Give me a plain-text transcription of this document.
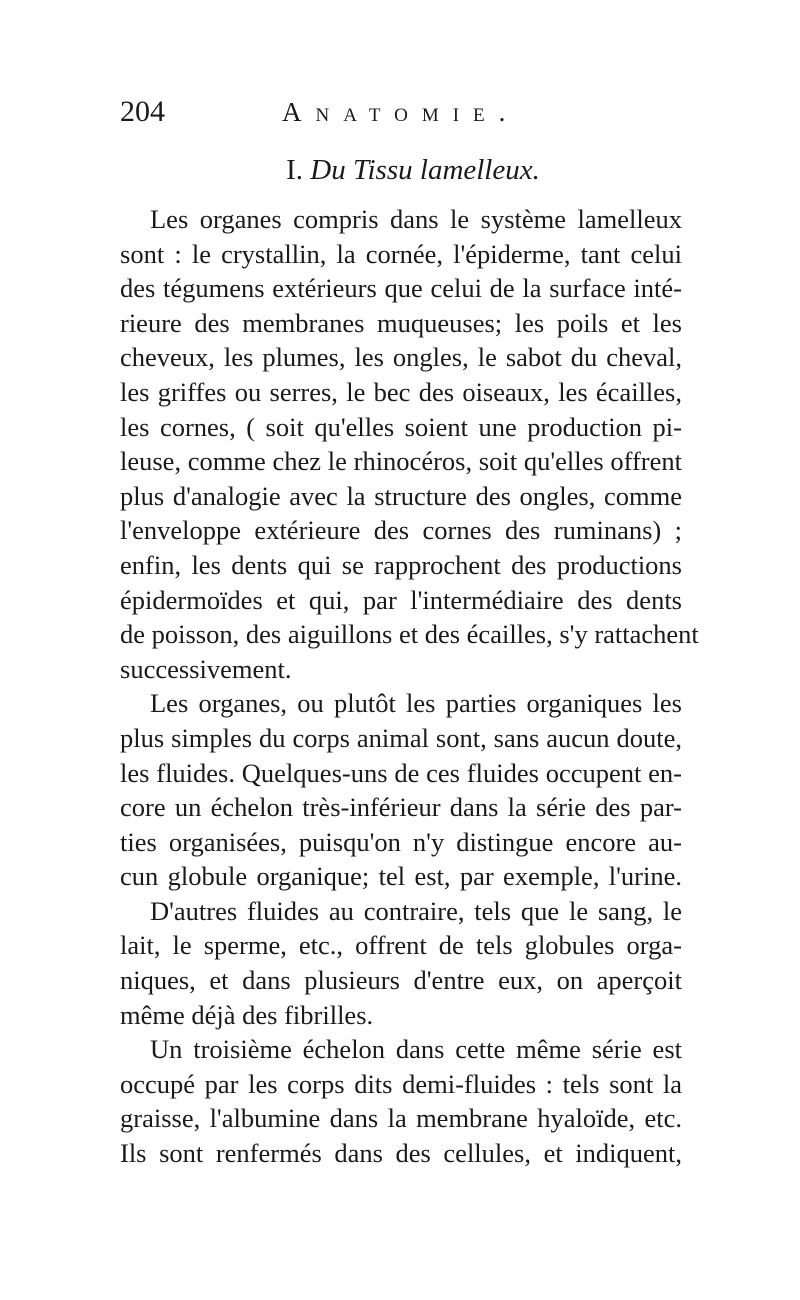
204	Anatomie.
I. Du Tissu lamelleux.
Les organes compris dans le système lamelleux
sont : le crystallin, la cornée, l'épiderme, tant celui
des tégumens extérieurs que celui de la surface inté-
rieure des membranes muqueuses; les poils et les
cheveux, les plumes, les ongles, le sabot du cheval,
les griffes ou serres, le bec des oiseaux, les écailles,
les cornes, ( soit qu'elles soient une production pi-
leuse, comme chez le rhinocéros, soit qu'elles offrent
plus d'analogie avec la structure des ongles, comme
l'enveloppe extérieure des cornes des ruminans) ;
enfin, les dents qui se rapprochent des productions
épidermoïdes et qui, par l'intermédiaire des dents
de poisson, des aiguillons et des écailles, s'y rattachent
successivement.
Les organes, ou plutôt les parties organiques les
plus simples du corps animal sont, sans aucun doute,
les fluides. Quelques-uns de ces fluides occupent en-
core un échelon très-inférieur dans la série des par-
ties organisées, puisqu'on n'y distingue encore au-
cun globule organique; tel est, par exemple, l'urine.
D'autres fluides au contraire, tels que le sang, le
lait, le sperme, etc., offrent de tels globules orga-
niques, et dans plusieurs d'entre eux, on aperçoit
même déjà des fibrilles.
Un troisième échelon dans cette même série est
occupé par les corps dits demi-fluides : tels sont la
graisse, l'albumine dans la membrane hyaloïde, etc.
Ils sont renfermés dans des cellules, et indiquent,
